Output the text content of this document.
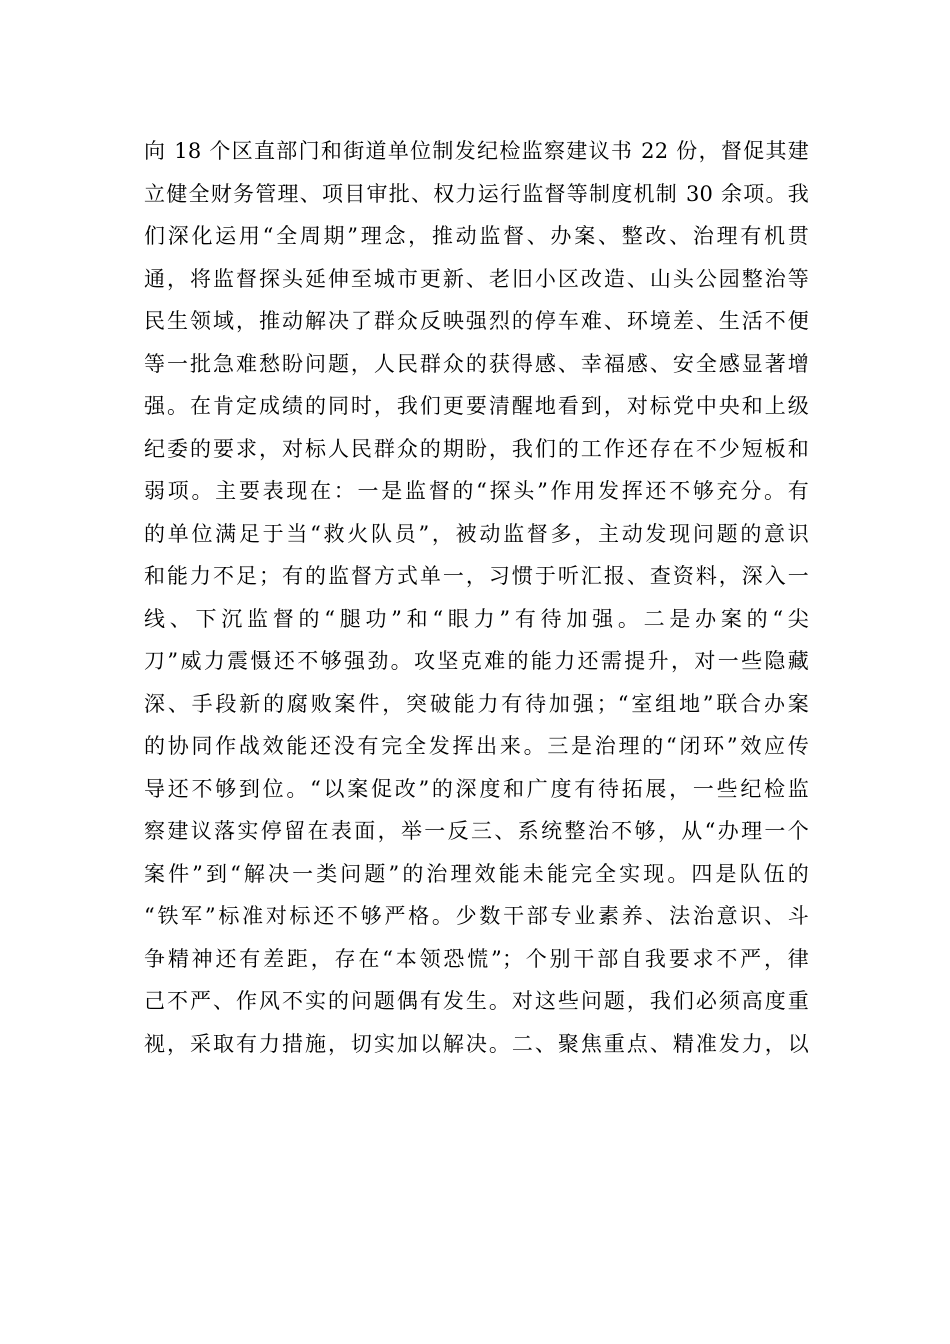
向 18 个区直部门和街道单位制发纪检监察建议书 22 份，督促其建
立健全财务管理、项目审批、权力运行监督等制度机制 30 余项。我
们深化运用“全周期”理念，推动监督、办案、整改、治理有机贯
通，将监督探头延伸至城市更新、老旧小区改造、山头公园整治等
民生领域，推动解决了群众反映强烈的停车难、环境差、生活不便
等一批急难愁盼问题，人民群众的获得感、幸福感、安全感显著增
强。在肯定成绩的同时，我们更要清醒地看到，对标党中央和上级
纪委的要求，对标人民群众的期盼，我们的工作还存在不少短板和
弱项。主要表现在：一是监督的“探头”作用发挥还不够充分。有
的单位满足于当“救火队员”，被动监督多，主动发现问题的意识
和能力不足；有的监督方式单一，习惯于听汇报、查资料，深入一
线、下沉监督的“腿功”和“眼力”有待加强。二是办案的“尖
刀”威力震慑还不够强劲。攻坚克难的能力还需提升，对一些隐藏
深、手段新的腐败案件，突破能力有待加强；“室组地”联合办案
的协同作战效能还没有完全发挥出来。三是治理的“闭环”效应传
导还不够到位。“以案促改”的深度和广度有待拓展，一些纪检监
察建议落实停留在表面，举一反三、系统整治不够，从“办理一个
案件”到“解决一类问题”的治理效能未能完全实现。四是队伍的
“铁军”标准对标还不够严格。少数干部专业素养、法治意识、斗
争精神还有差距，存在“本领恐慌”；个别干部自我要求不严，律
己不严、作风不实的问题偶有发生。对这些问题，我们必须高度重
视，采取有力措施，切实加以解决。二、聚焦重点、精准发力，以
